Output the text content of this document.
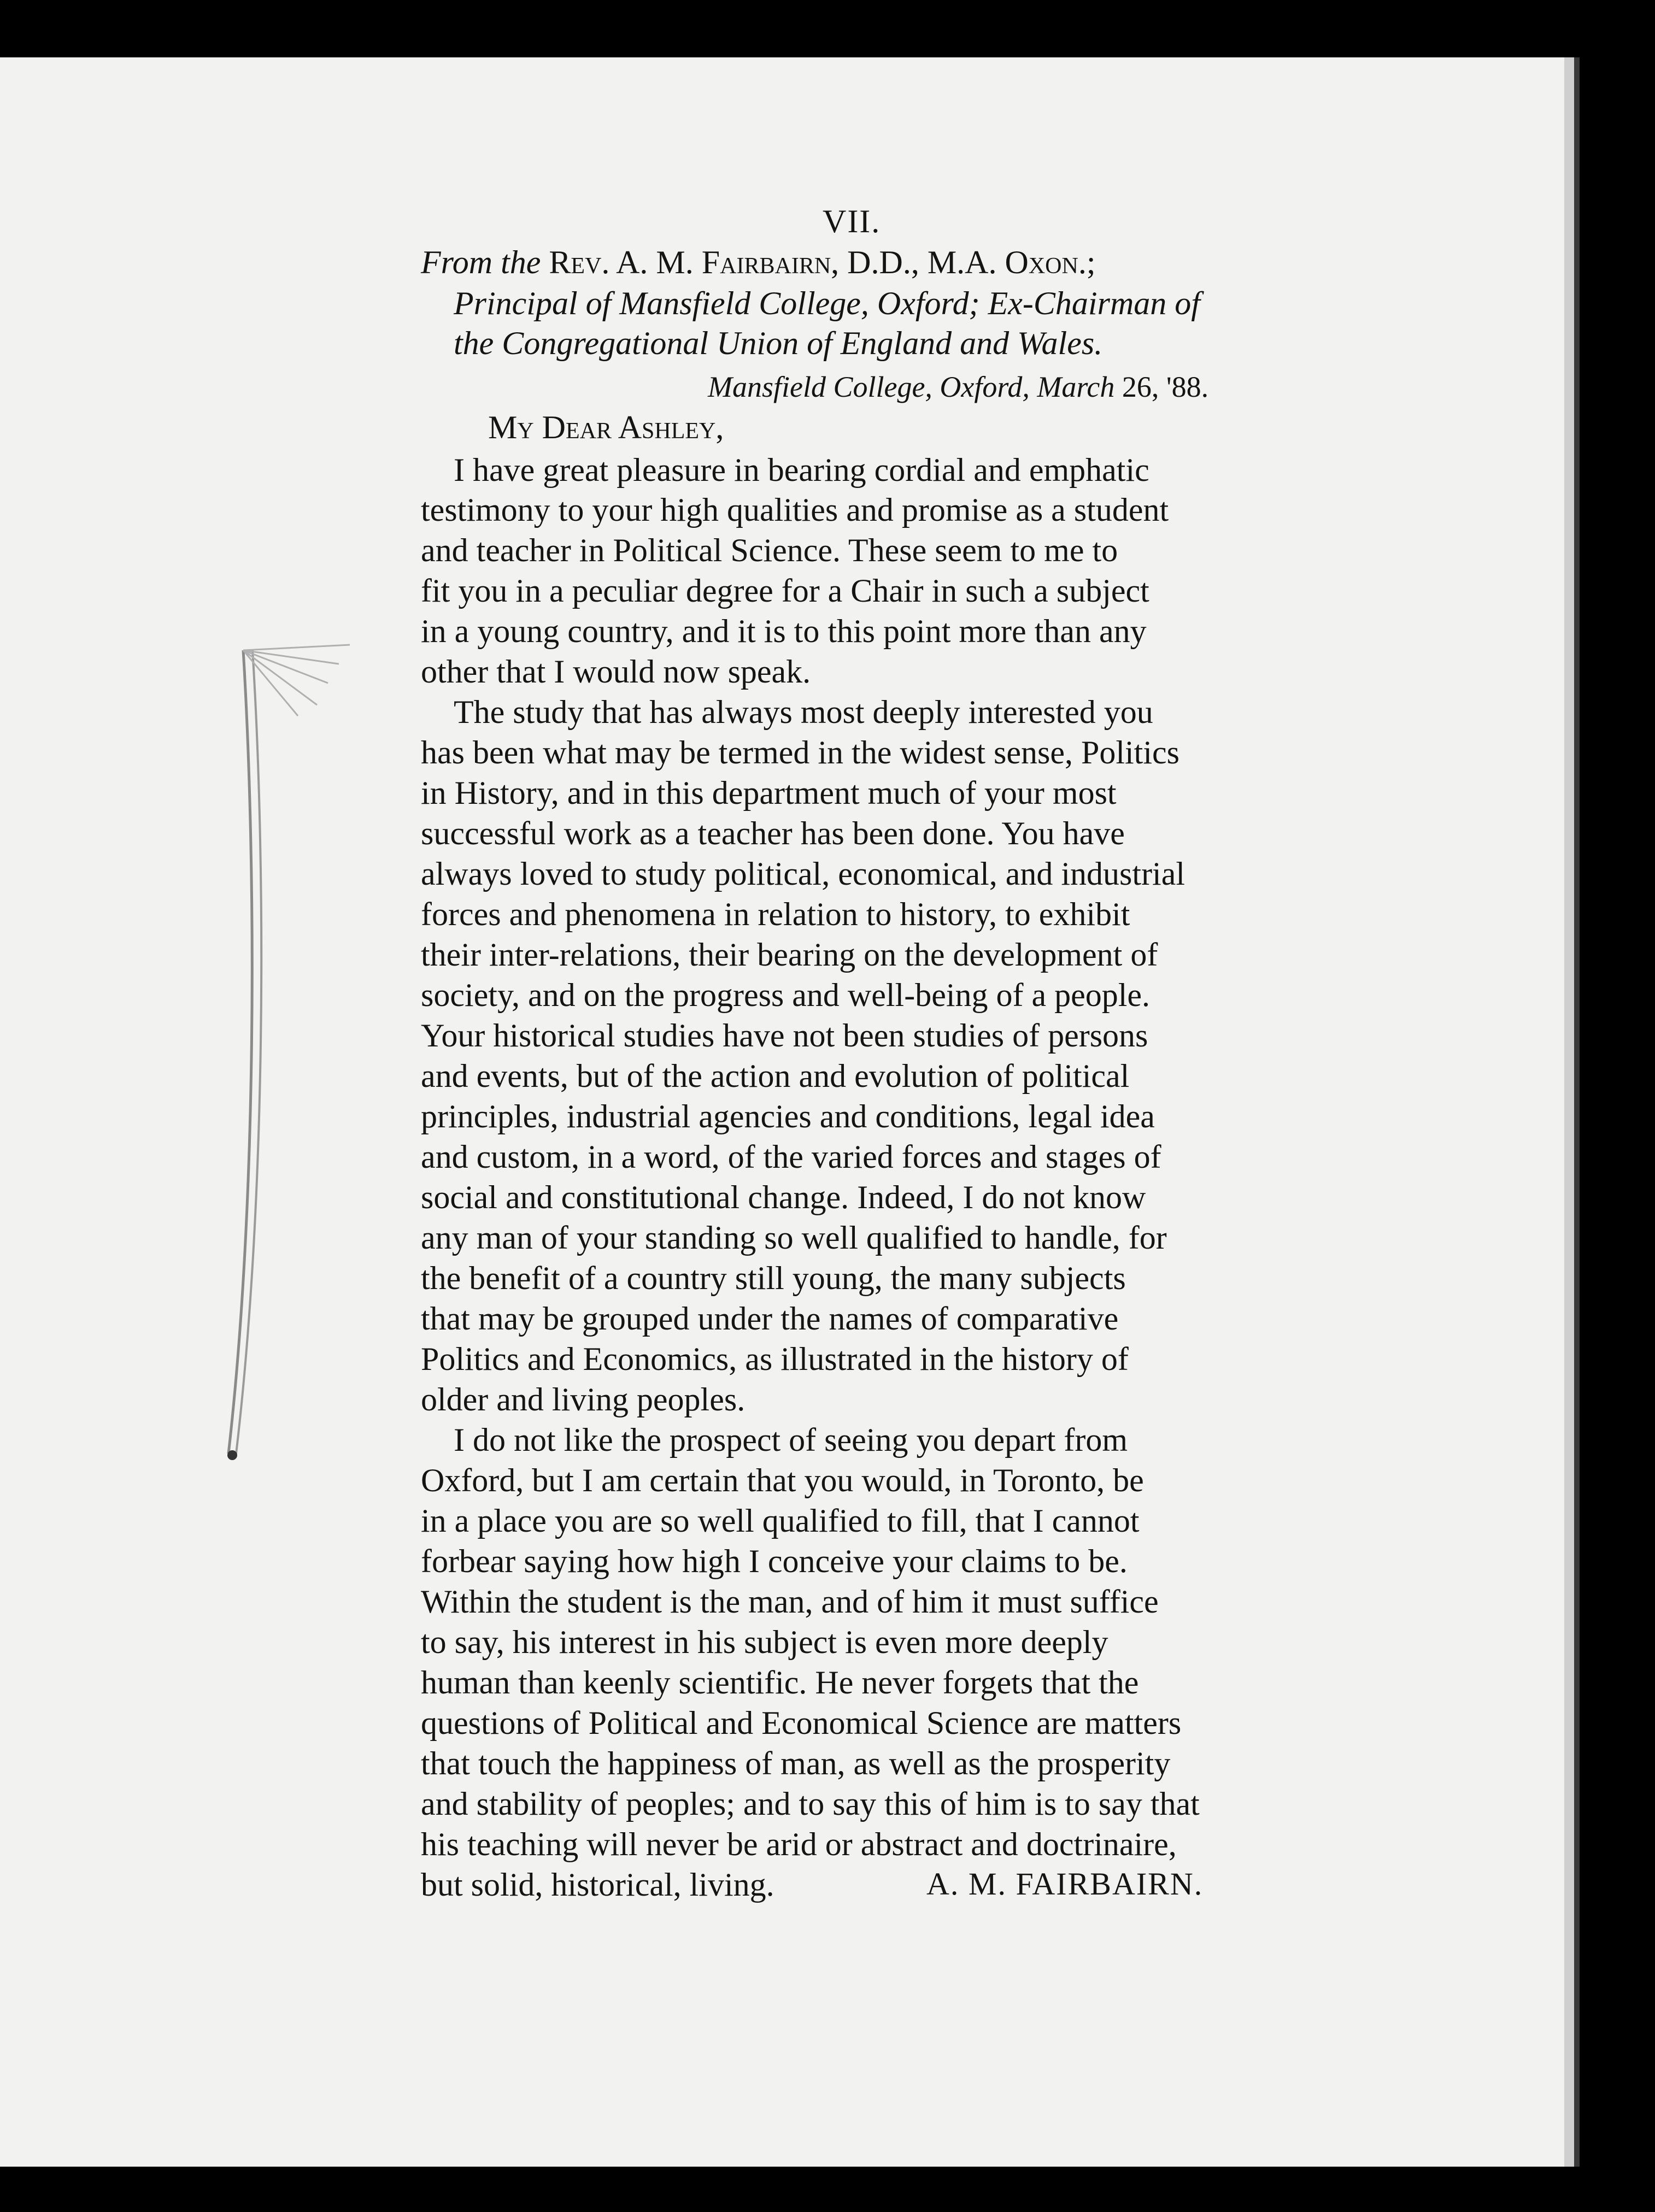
VII.
From the Rev. A. M. Fairbairn, D.D., M.A. Oxon.;
Principal of Mansfield College, Oxford; Ex-Chairman of
the Congregational Union of England and Wales.
Mansfield College, Oxford, March 26, '88.
My Dear Ashley,
I have great pleasure in bearing cordial and emphatic
testimony to your high qualities and promise as a student
and teacher in Political Science. These seem to me to
fit you in a peculiar degree for a Chair in such a subject
in a young country, and it is to this point more than any
other that I would now speak.
The study that has always most deeply interested you
has been what may be termed in the widest sense, Politics
in History, and in this department much of your most
successful work as a teacher has been done. You have
always loved to study political, economical, and industrial
forces and phenomena in relation to history, to exhibit
their inter-relations, their bearing on the development of
society, and on the progress and well-being of a people.
Your historical studies have not been studies of persons
and events, but of the action and evolution of political
principles, industrial agencies and conditions, legal idea
and custom, in a word, of the varied forces and stages of
social and constitutional change. Indeed, I do not know
any man of your standing so well qualified to handle, for
the benefit of a country still young, the many subjects
that may be grouped under the names of comparative
Politics and Economics, as illustrated in the history of
older and living peoples.
I do not like the prospect of seeing you depart from
Oxford, but I am certain that you would, in Toronto, be
in a place you are so well qualified to fill, that I cannot
forbear saying how high I conceive your claims to be.
Within the student is the man, and of him it must suffice
to say, his interest in his subject is even more deeply
human than keenly scientific. He never forgets that the
questions of Political and Economical Science are matters
that touch the happiness of man, as well as the prosperity
and stability of peoples; and to say this of him is to say that
his teaching will never be arid or abstract and doctrinaire,
but solid, historical, living.	A. M. FAIRBAIRN.
